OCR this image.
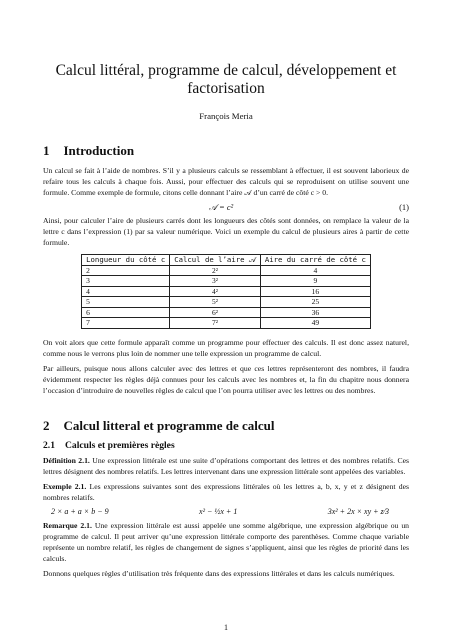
Calcul littéral, programme de calcul, développement et factorisation
François Meria
1 Introduction

Un calcul se fait à l’aide de nombres. S’il y a plusieurs calculs se ressemblant à effectuer, il est souvent laborieux de refaire tous les calculs à chaque fois. Aussi, pour effectuer des calculs qui se reproduisent on utilise souvent une formule. Comme exemple de formule, citons celle donnant l’aire 𝒜 d’un carré de côté c > 0.

𝒜 = c²	(1)

Ainsi, pour calculer l’aire de plusieurs carrés dont les longueurs des côtés sont données, on remplace la valeur de la lettre c dans l’expression (1) par sa valeur numérique. Voici un exemple du calcul de plusieurs aires à partir de cette formule.

Longueur du côté c	Calcul de l’aire 𝒜	Aire du carré de côté c
2	2²	4
3	3²	9
4	4²	16
5	5²	25
6	6²	36
7	7²	49

On voit alors que cette formule apparaît comme un programme pour effectuer des calculs. Il est donc assez naturel, comme nous le verrons plus loin de nommer une telle expression un programme de calcul.

Par ailleurs, puisque nous allons calculer avec des lettres et que ces lettres représenteront des nombres, il faudra évidemment respecter les règles déjà connues pour les calculs avec les nombres et, la fin du chapitre nous donnera l’occasion d’introduire de nouvelles règles de calcul que l’on pourra utiliser avec les lettres ou des nombres.

2 Calcul litteral et programme de calcul
2.1 Calculs et premières règles

Définition 2.1. Une expression littérale est une suite d’opérations comportant des lettres et des nombres relatifs. Ces lettres désignent des nombres relatifs. Les lettres intervenant dans une expression littérale sont appelées des variables.

Exemple 2.1. Les expressions suivantes sont des expressions littérales où les lettres a, b, x, y et z désignent des nombres relatifs.

2 × a + a × b − 9	x² − ½x + 1	3x² + 2x × xy + z⁄3

Remarque 2.1. Une expression littérale est aussi appelée une somme algébrique, une expression algébrique ou un programme de calcul. Il peut arriver qu’une expression littérale comporte des parenthèses. Comme chaque variable représente un nombre relatif, les règles de changement de signes s’appliquent, ainsi que les règles de priorité dans les calculs.

Donnons quelques règles d’utilisation très fréquente dans des expressions littérales et dans les calculs numériques.

1
